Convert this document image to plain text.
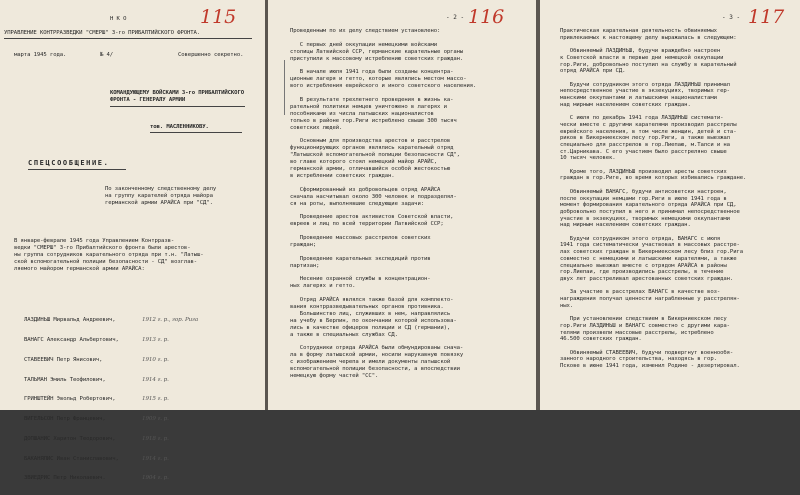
115
Н К О
УПРАВЛЕНИЕ КОНТРРАЗВЕДКИ "СМЕРШ" 3-го ПРИБАЛТИЙСКОГО ФРОНТА.
марта 1945 года.	№ 4/	Совершенно секретно.
КОМАНДУЮЩЕМУ ВОЙСКАМИ 3-го ПРИБАЛТИЙСКОГО
ФРОНТА - ГЕНЕРАЛУ АРМИИ
тов. МАСЛЕННИКОВУ.
СПЕЦСООБЩЕНИЕ.
По законченному следственному делу
на группу карателей отряда майора
германской армии АРАЙСА при "СД".
В январе-феврале 1945 года Управлением Контрразв-
ведки "СМЕРШ" 3-го Прибалтийского фронта были арестов-
ны группа сотрудников карательного отряда при т.н. "Латыш-
ской вспомогательной полиции безопасности - СД" возглав-
ляемого майором германской армии АРАЙСА:

ЛАЗДИНЬШ Мирвальд Андреевич,

ВАНАГС Александр Альбертович,

СТАВЕЕВИЧ Петр Янисович,

ТАЛЬМАН Эмиль Теофилович,

ГРИНШТЕЙН Эвольд Робертович,

ВИГЕЛЬСОН Петр Францевич,

ДОПШАНИС Харитон Теодорович,

БАКАНЯЛИС Иван Станиславович,

ЗВИЕДРИС Петр Николаевич.

1912 г. р., гор. Рига

1913 г. р.

1910 г. р.

1914 г. р.

1915 г. р.

1909 г. р.

1918 г. р.

1914 г. р.

1904 г. р.

- 2 - 116
Проведенным по их делу следствием установлено:
С первых дней оккупации немецкими войсками
столицы Латвийской ССР, германские карательные органы
приступили к массовому истреблению советских граждан.
В начале июля 1941 года были созданы концентра-
ционные лагеря и гетто, которые являлись местом массо-
вого истребления еврейского и иного советского населения.
В результате трехлетнего проведения в жизнь ка-
рательной политики немцев уничтожено в лагерях и
пособниками из числа латышских националистов
только в районе гор.Риги истреблено свыше 300 тысяч
советских людей.
Основным для производства арестов и расстрелов
функционирующих органов являлись карательный отряд
"Латышской вспомогательной полиции безопасности СД",
во главе которого стоял немецкий майор АРАЙС,
германской армии, отличавшийся особой жестокостью
в истреблении советских граждан.
Сформированный из добровольцев отряд АРАЙСА
сначала насчитывал около 300 человек и подразделял-
ся на роты, выполнявшие следующие задачи:
Проведение арестов активистов Советской власти,
евреев и лиц по всей территории Латвийской ССР;
Проведение массовых расстрелов советских
граждан;
Проведение карательных экспедиций против
партизан;
Несение охранной службы в концентрацион-
ных лагерях и гетто.
Отряд АРАЙСА являлся также базой для комплекто-
вания контрразведывательных органов противника.
Большинство лиц, служивших в нем, направлялись
на учебу в Берлин, по окончании которой использова-
лись в качестве офицеров полиции и СД (германии),
а также в специальных службах СД.
Сотрудники отряда АРАЙСА были обмундированы снача-
ла в форму латышской армии, носили нарукавную повязку
с изображением черепа и имели документы латышской
вспомогательной полиции безопасности, а впоследствии
немецкую форму частей "СС".
- 3 - 117
Практическая карательная деятельность обвиняемых
привлекаемых к настоящему делу выражалась в следующем:
Обвиняемый ЛАЗДИНЬШ, будучи враждебно настроен
к Советской власти в первые дни немецкой оккупации
гор.Риги, добровольно поступил на службу в карательный
отряд АРАЙСА при СД.
Будучи сотрудником этого отряда ЛАЗДИНЬШ принимал
непосредственное участие в экзекуциях, творимых гер-
манскими оккупантами и латышскими националистами
над мирным населением советских граждан.
С июля по декабрь 1941 года ЛАЗДИНЬШ системати-
чески вместе с другими карателями производил расстрелы
еврейского населения, в том числе женщин, детей и ста-
риков в Бикерниекском лесу гор.Риги, а также выезжал
специально для расстрелов в гор.Лиепаю, м.Талси и на
ст.Царникава. С его участием было расстреляно свыше
10 тысяч человек.
Кроме того, ЛАЗДИНЬШ производил аресты советских
граждан в гор.Риге, во время которых избивались граждане.
Обвиняемый ВАНАГС, будучи антисоветски настроен,
после оккупации немцами гор.Риги в июле 1941 года в
момент формирования карательного отряда АРАЙСА при СД,
добровольно поступил в него и принимал непосредственное
участие в экзекуциях, творимых немецкими оккупантами
над мирным населением советских граждан.
Будучи сотрудником этого отряда, ВАНАГС с июля
1941 года систематически участвовал в массовых расстре-
лах советских граждан в Бикерниекском лесу близ гор.Рига
совместно с немецкими и латышскими карателями, а также
специально выезжал вместе с отрядом АРАЙСА в районы
гор.Лиепаи, где производились расстрелы, в течение
двух лет расстреливал арестованных советских граждан.
За участие в расстрелах ВАНАГС в качестве воз-
награждения получал ценности награбленные у расстрелян-
ных.
При установлении следствием в Бикерниекском лесу
гор.Риги ЛАЗДИНЬШ и ВАНАГС совместно с другими кара-
телями произвели массовые расстрелы, истреблено
46.500 советских граждан.
Обвиняемый СТАВЕЕВИЧ, будучи подвергнут военнообя-
занного народного строительства, находясь в гор.
Пскове в июне 1941 года, изменил Родине - дезертировал.
